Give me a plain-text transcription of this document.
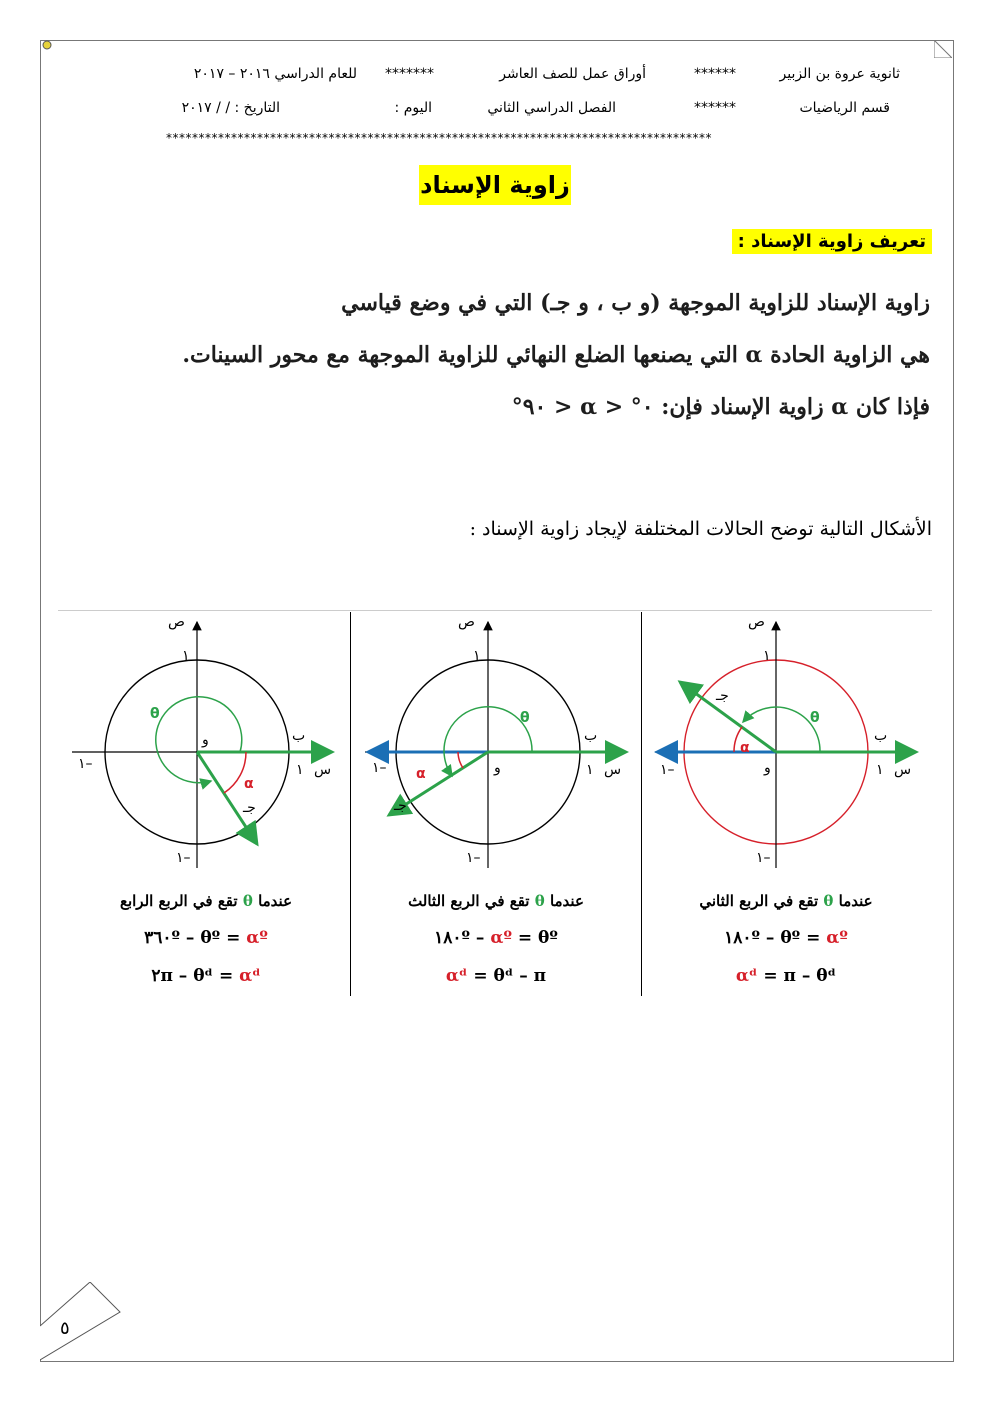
ثانوية عروة بن الزبير
******
أوراق عمل للصف العاشر
*******
للعام الدراسي ٢٠١٦ – ٢٠١٧
قسم الرياضيات
******
الفصل الدراسي الثاني
اليوم :
التاريخ : / / ٢٠١٧
************************************************************************************
زاوية الإسناد
تعريف زاوية الإسناد :
زاوية الإسناد للزاوية الموجهة (و ب ، و جـ) التي في وضع قياسي
هي الزاوية الحادة α التي يصنعها الضلع النهائي للزاوية الموجهة مع محور السينات.
فإذا كان α زاوية الإسناد فإن: ٠° < α < ٩٠°
الأشكال التالية توضح الحالات المختلفة لإيجاد زاوية الإسناد :
ص
١
١–
١–	١ س
و	ب
جـ
θ
α
ص
١
١–
١–	١ س
و
ب
جـ
θ
α
ص
١
١–
١–	١ س
و
ب
جـ
θ
α
عندما θ تقع في الربع الرابع
αº = ٣٦٠º – θº
αᵈ = ٢π – θᵈ
عندما θ تقع في الربع الثالث
αº = θº – ١٨٠º
αᵈ = θᵈ – π
عندما θ تقع في الربع الثاني
αº = ١٨٠º – θº
αᵈ = π – θᵈ
٥
